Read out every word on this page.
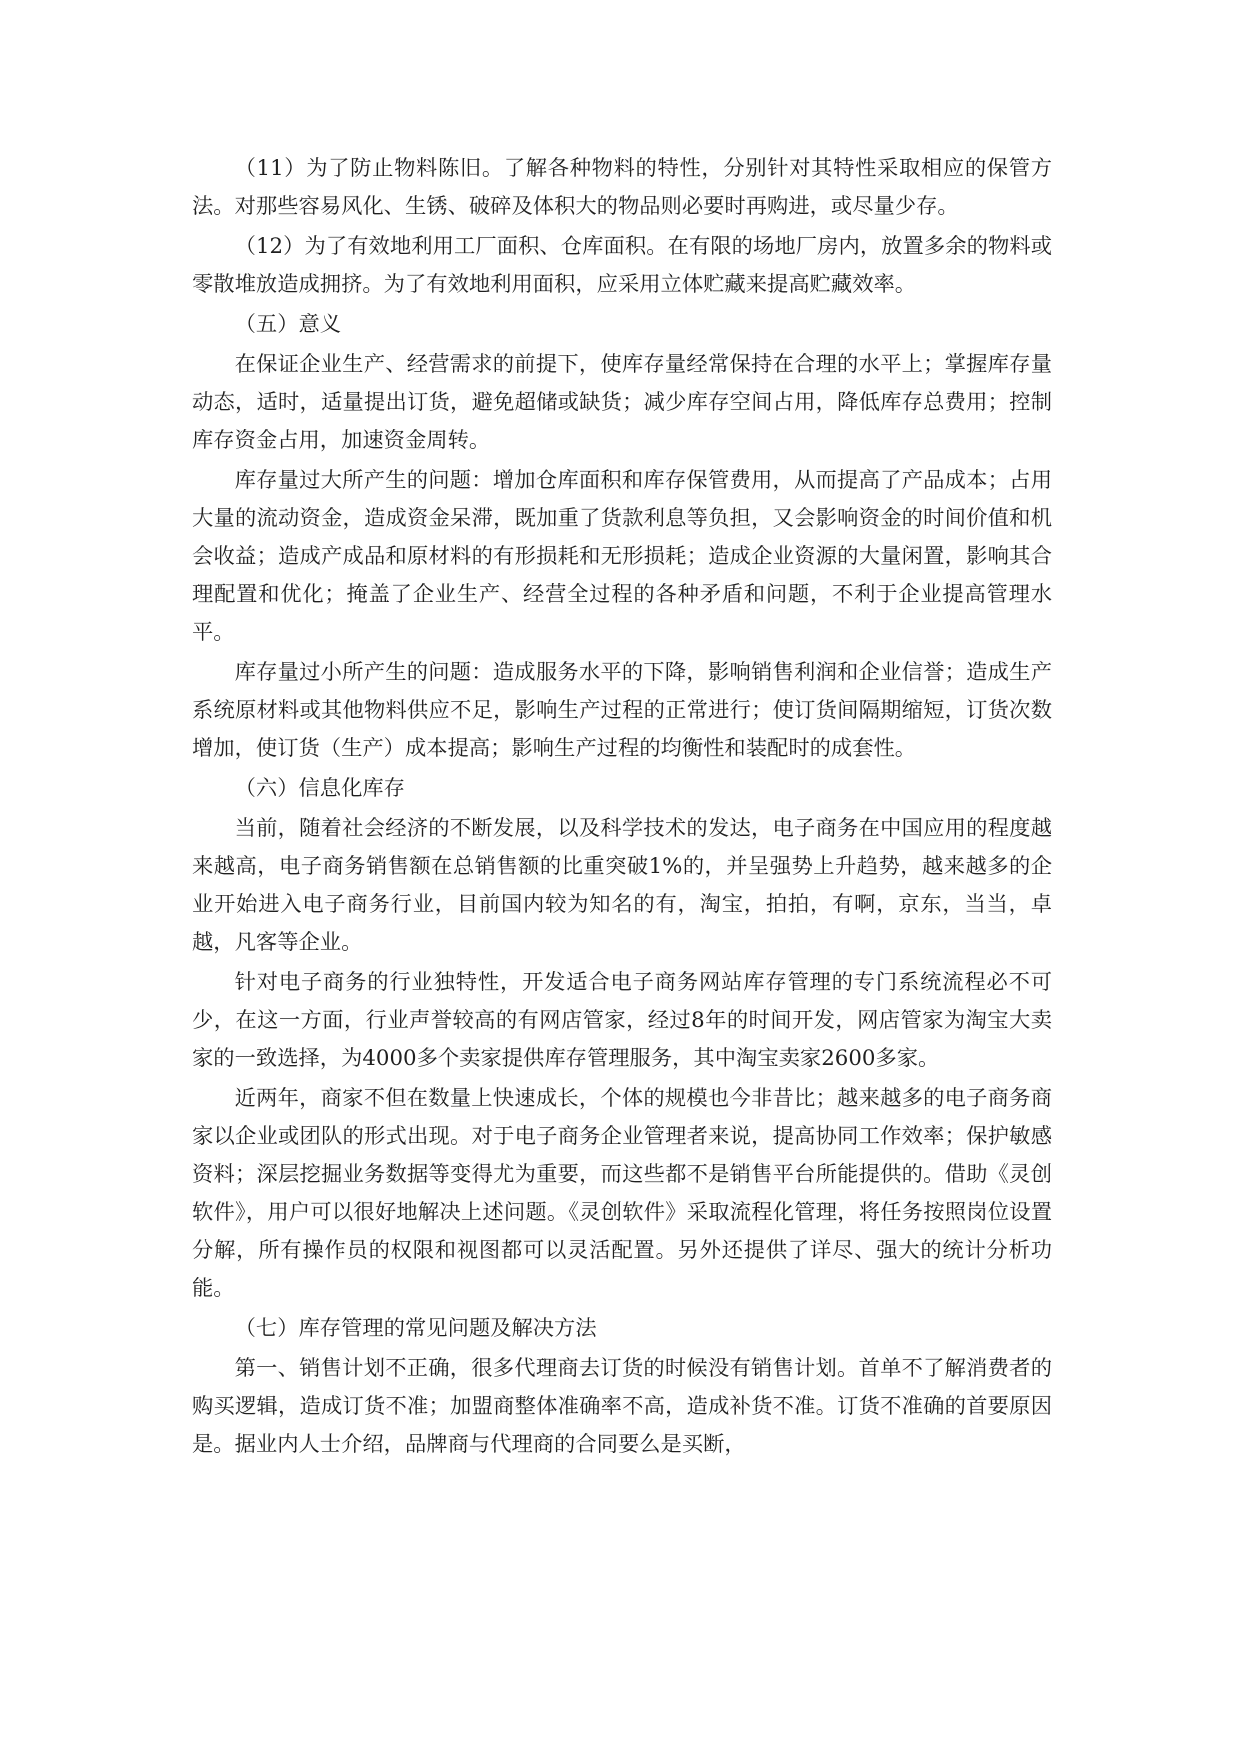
（11）为了防止物料陈旧。了解各种物料的特性，分别针对其特性采取相应的保管方法。对那些容易风化、生锈、破碎及体积大的物品则必要时再购进，或尽量少存。

（12）为了有效地利用工厂面积、仓库面积。在有限的场地厂房内，放置多余的物料或零散堆放造成拥挤。为了有效地利用面积，应采用立体贮藏来提高贮藏效率。

（五）意义

在保证企业生产、经营需求的前提下，使库存量经常保持在合理的水平上；掌握库存量动态，适时，适量提出订货，避免超储或缺货；减少库存空间占用，降低库存总费用；控制库存资金占用，加速资金周转。

库存量过大所产生的问题：增加仓库面积和库存保管费用，从而提高了产品成本；占用大量的流动资金，造成资金呆滞，既加重了货款利息等负担，又会影响资金的时间价值和机会收益；造成产成品和原材料的有形损耗和无形损耗；造成企业资源的大量闲置，影响其合理配置和优化；掩盖了企业生产、经营全过程的各种矛盾和问题，不利于企业提高管理水平。

库存量过小所产生的问题：造成服务水平的下降，影响销售利润和企业信誉；造成生产系统原材料或其他物料供应不足，影响生产过程的正常进行；使订货间隔期缩短，订货次数增加，使订货（生产）成本提高；影响生产过程的均衡性和装配时的成套性。

（六）信息化库存

当前，随着社会经济的不断发展，以及科学技术的发达，电子商务在中国应用的程度越来越高，电子商务销售额在总销售额的比重突破1%的，并呈强势上升趋势，越来越多的企业开始进入电子商务行业，目前国内较为知名的有，淘宝，拍拍，有啊，京东，当当，卓越，凡客等企业。

针对电子商务的行业独特性，开发适合电子商务网站库存管理的专门系统流程必不可少，在这一方面，行业声誉较高的有网店管家，经过8年的时间开发，网店管家为淘宝大卖家的一致选择，为4000多个卖家提供库存管理服务，其中淘宝卖家2600多家。

近两年，商家不但在数量上快速成长，个体的规模也今非昔比；越来越多的电子商务商家以企业或团队的形式出现。对于电子商务企业管理者来说，提高协同工作效率；保护敏感资料；深层挖掘业务数据等变得尤为重要，而这些都不是销售平台所能提供的。借助《灵创软件》，用户可以很好地解决上述问题。《灵创软件》采取流程化管理，将任务按照岗位设置分解，所有操作员的权限和视图都可以灵活配置。另外还提供了详尽、强大的统计分析功能。

（七）库存管理的常见问题及解决方法

第一、销售计划不正确，很多代理商去订货的时候没有销售计划。首单不了解消费者的购买逻辑，造成订货不准；加盟商整体准确率不高，造成补货不准。订货不准确的首要原因是。据业内人士介绍，品牌商与代理商的合同要么是买断，
